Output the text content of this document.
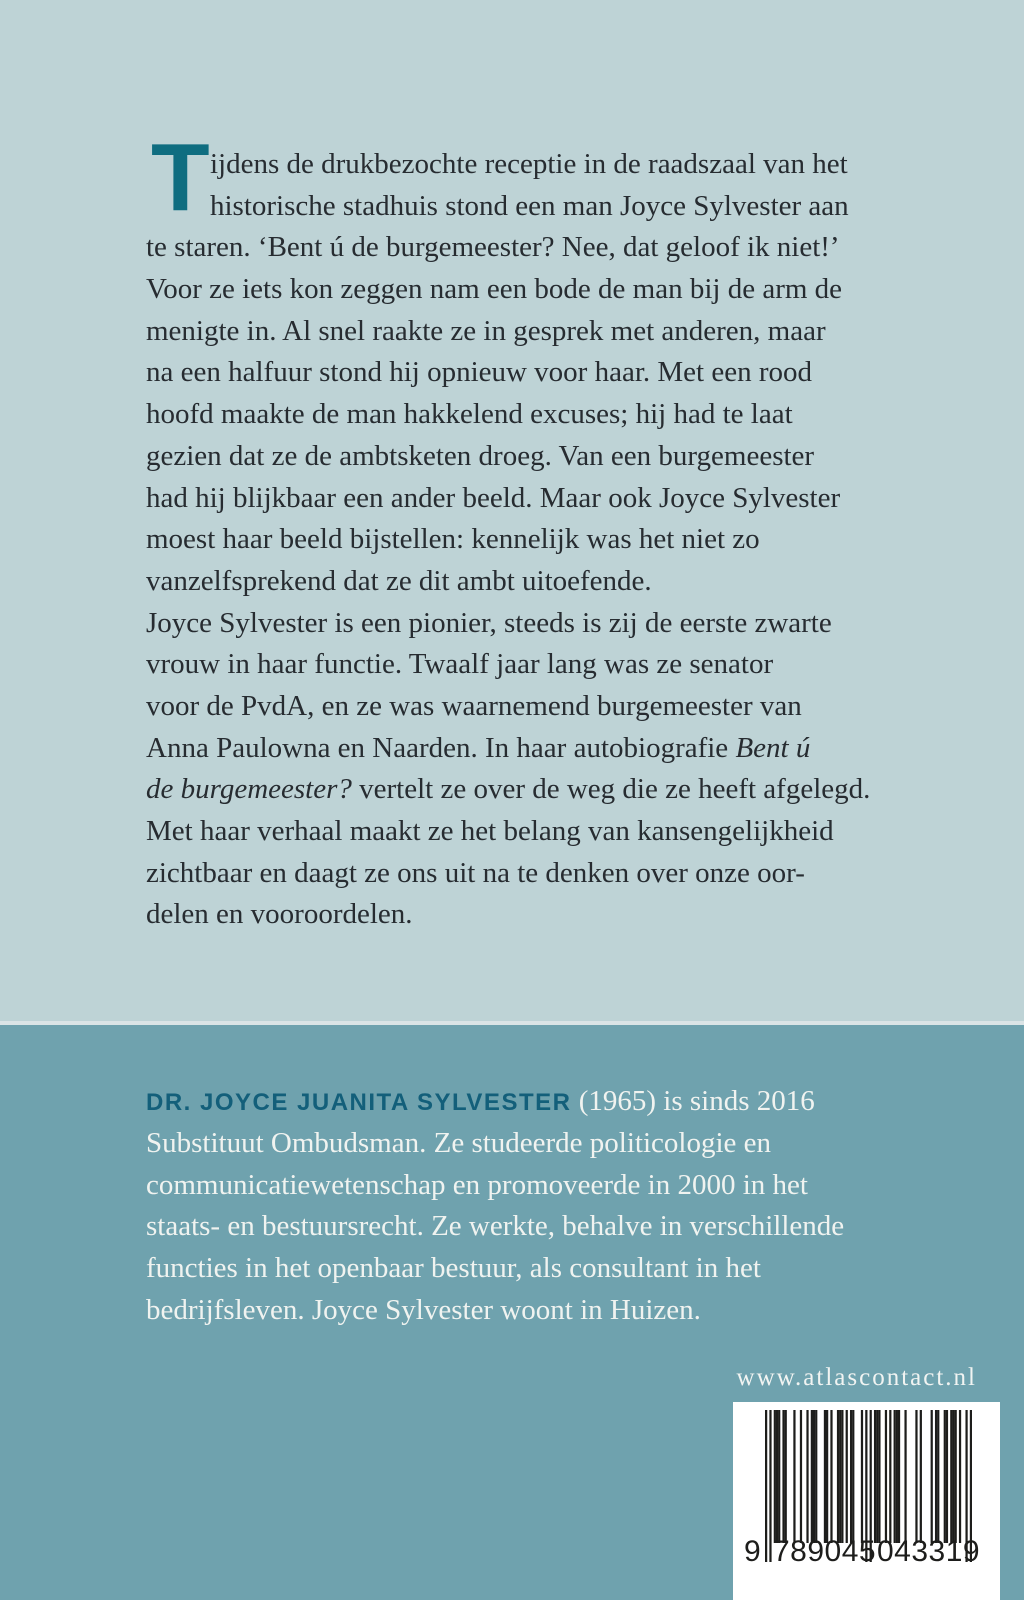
T ijdens de drukbezochte receptie in de raadszaal van het
historische stadhuis stond een man Joyce Sylvester aan
te staren. ‘Bent ú de burgemeester? Nee, dat geloof ik niet!’
Voor ze iets kon zeggen nam een bode de man bij de arm de
menigte in. Al snel raakte ze in gesprek met anderen, maar
na een halfuur stond hij opnieuw voor haar. Met een rood
hoofd maakte de man hakkelend excuses; hij had te laat
gezien dat ze de ambtsketen droeg. Van een burgemeester
had hij blijkbaar een ander beeld. Maar ook Joyce Sylvester
moest haar beeld bijstellen: kennelijk was het niet zo
vanzelfsprekend dat ze dit ambt uitoefende.
Joyce Sylvester is een pionier, steeds is zij de eerste zwarte
vrouw in haar functie. Twaalf jaar lang was ze senator
voor de PvdA, en ze was waarnemend burgemeester van
Anna Paulowna en Naarden. In haar autobiografie Bent ú
de burgemeester? vertelt ze over de weg die ze heeft afgelegd.
Met haar verhaal maakt ze het belang van kansengelijkheid
zichtbaar en daagt ze ons uit na te denken over onze oor-
delen en vooroordelen.
DR. JOYCE JUANITA SYLVESTER (1965) is sinds 2016
Substituut Ombudsman. Ze studeerde politicologie en
communicatiewetenschap en promoveerde in 2000 in het
staats- en bestuursrecht. Ze werkte, behalve in verschillende
functies in het openbaar bestuur, als consultant in het
bedrijfsleven. Joyce Sylvester woont in Huizen.
www.atlascontact.nl
9 789045 043319
